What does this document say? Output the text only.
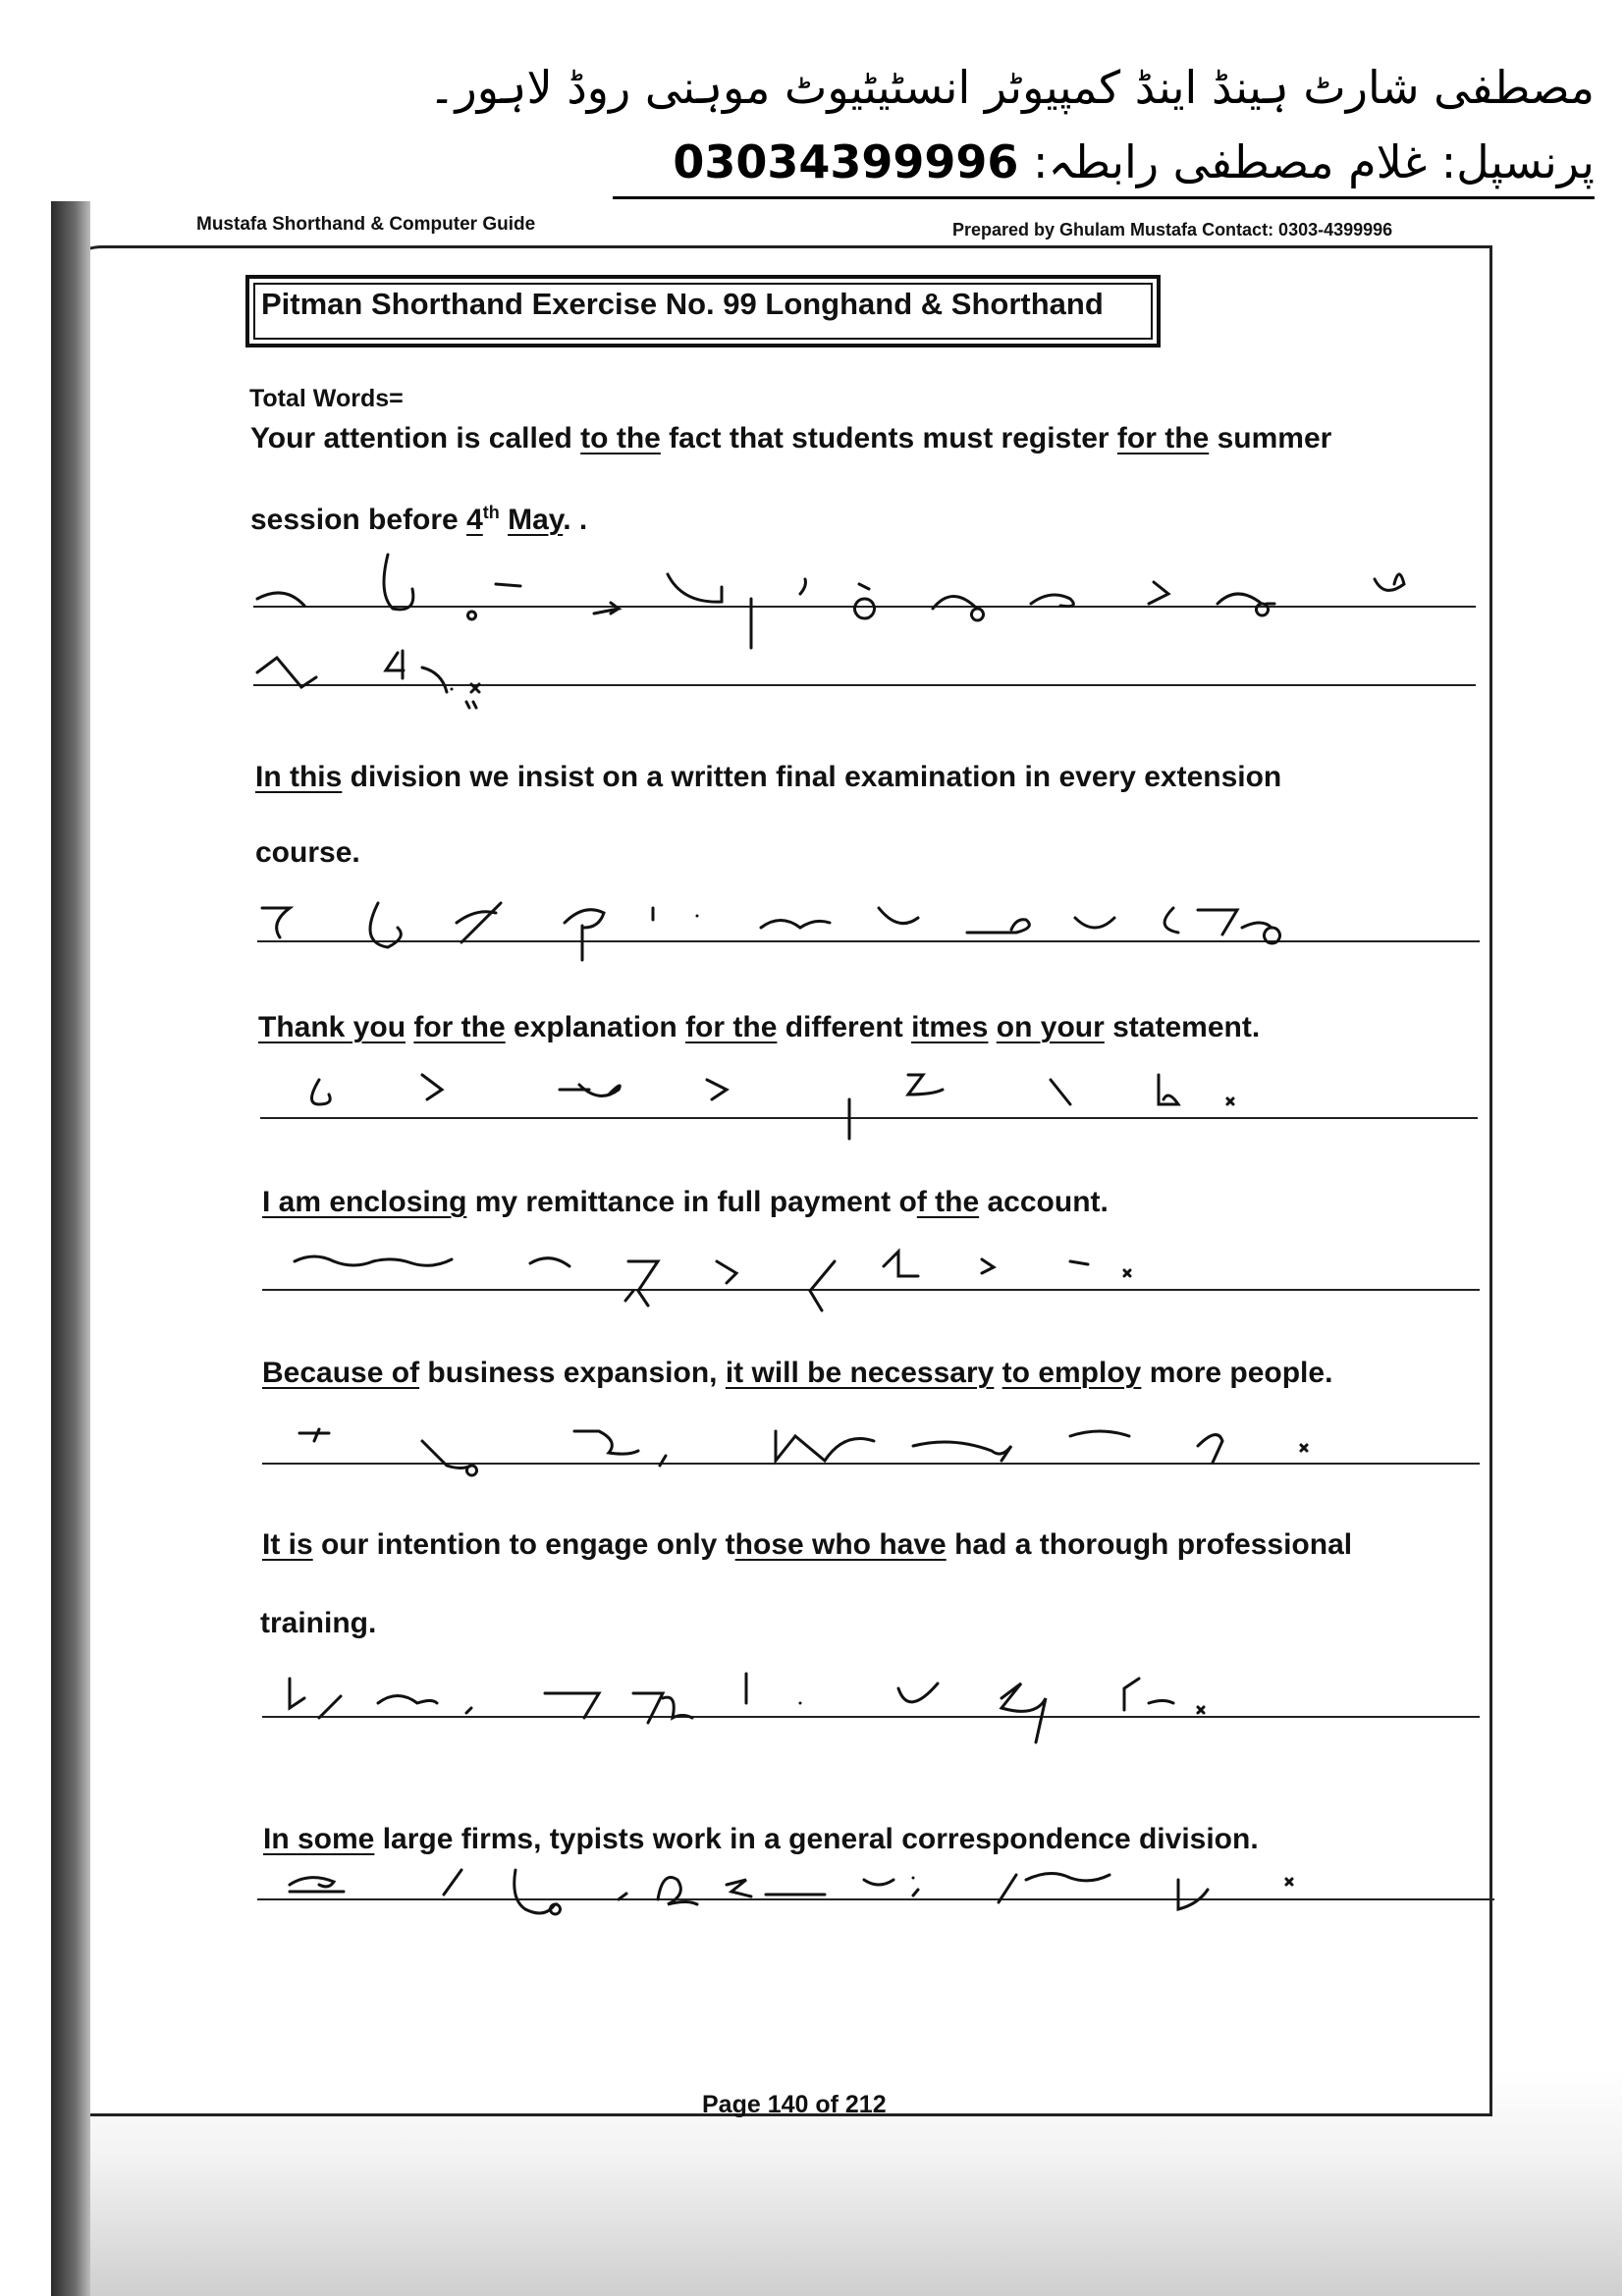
مصطفی شارٹ ہینڈ اینڈ کمپیوٹر انسٹیٹیوٹ موہنی روڈ لاہور۔
پرنسپل: غلام مصطفی رابطہ: 03034399996
Mustafa Shorthand & Computer Guide	Prepared by Ghulam Mustafa Contact: 0303-4399996
Pitman Shorthand Exercise No. 99 Longhand & Shorthand
Total Words=
Your attention is called to the fact that students must register for the summer
session before 4th May. .
In this division we insist on a written final examination in every extension
course.
Thank you for the explanation for the different itmes on your statement.
I am enclosing my remittance in full payment of the account.
Because of business expansion, it will be necessary to employ more people.
It is our intention to engage only those who have had a thorough professional
training.
In some large firms, typists work in a general correspondence division.
Page 140 of 212
